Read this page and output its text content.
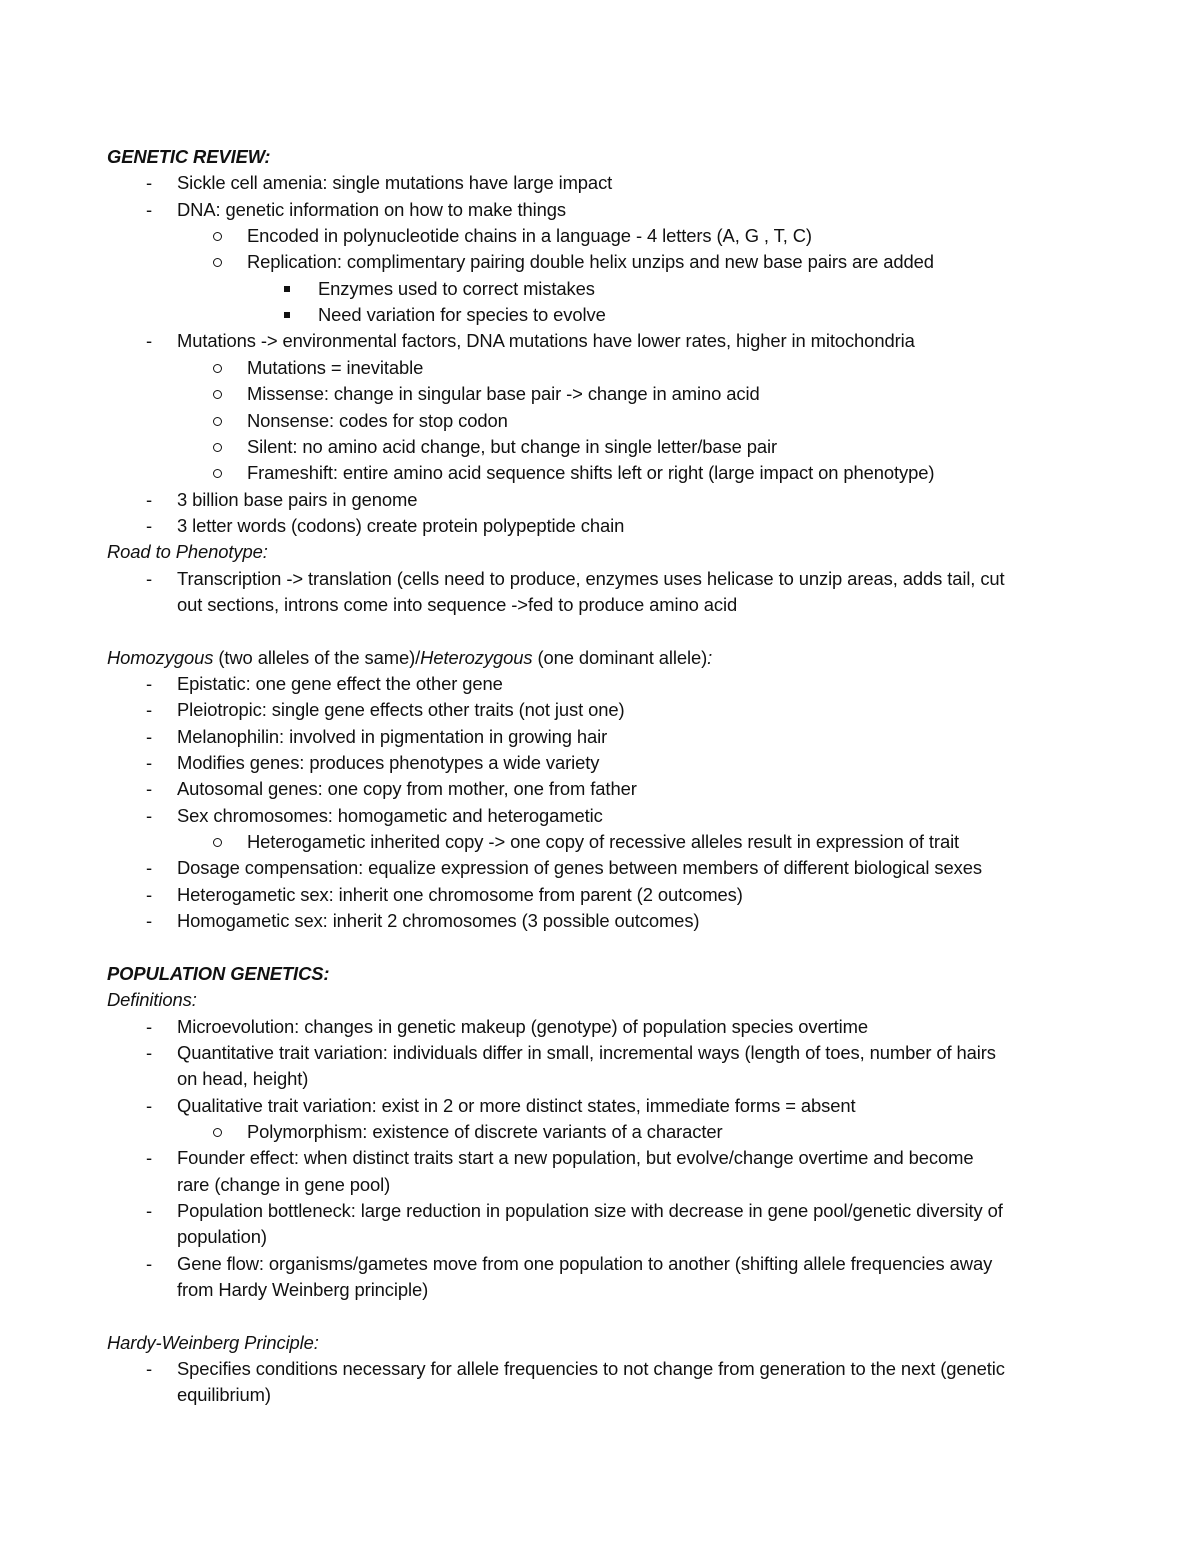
GENETIC REVIEW:
- Sickle cell amenia: single mutations have large impact
- DNA: genetic information on how to make things
Encoded in polynucleotide chains in a language - 4 letters (A, G , T, C)
Replication: complimentary pairing double helix unzips and new base pairs are added
Enzymes used to correct mistakes
Need variation for species to evolve
- Mutations -> environmental factors, DNA mutations have lower rates, higher in mitochondria
Mutations = inevitable
Missense: change in singular base pair -> change in amino acid
Nonsense: codes for stop codon
Silent: no amino acid change, but change in single letter/base pair
Frameshift: entire amino acid sequence shifts left or right (large impact on phenotype)
- 3 billion base pairs in genome
- 3 letter words (codons) create protein polypeptide chain
Road to Phenotype:
- Transcription -> translation (cells need to produce, enzymes uses helicase to unzip areas, adds tail, cut
out sections, introns come into sequence ->fed to produce amino acid
Homozygous (two alleles of the same)/Heterozygous (one dominant allele):
- Epistatic: one gene effect the other gene
- Pleiotropic: single gene effects other traits (not just one)
- Melanophilin: involved in pigmentation in growing hair
- Modifies genes: produces phenotypes a wide variety
- Autosomal genes: one copy from mother, one from father
- Sex chromosomes: homogametic and heterogametic
Heterogametic inherited copy -> one copy of recessive alleles result in expression of trait
- Dosage compensation: equalize expression of genes between members of different biological sexes
- Heterogametic sex: inherit one chromosome from parent (2 outcomes)
- Homogametic sex: inherit 2 chromosomes (3 possible outcomes)
POPULATION GENETICS:
Definitions:
- Microevolution: changes in genetic makeup (genotype) of population species overtime
- Quantitative trait variation: individuals differ in small, incremental ways (length of toes, number of hairs
on head, height)
- Qualitative trait variation: exist in 2 or more distinct states, immediate forms = absent
Polymorphism: existence of discrete variants of a character
- Founder effect: when distinct traits start a new population, but evolve/change overtime and become
rare (change in gene pool)
- Population bottleneck: large reduction in population size with decrease in gene pool/genetic diversity of
population)
- Gene flow: organisms/gametes move from one population to another (shifting allele frequencies away
from Hardy Weinberg principle)
Hardy-Weinberg Principle:
- Specifies conditions necessary for allele frequencies to not change from generation to the next (genetic
equilibrium)
